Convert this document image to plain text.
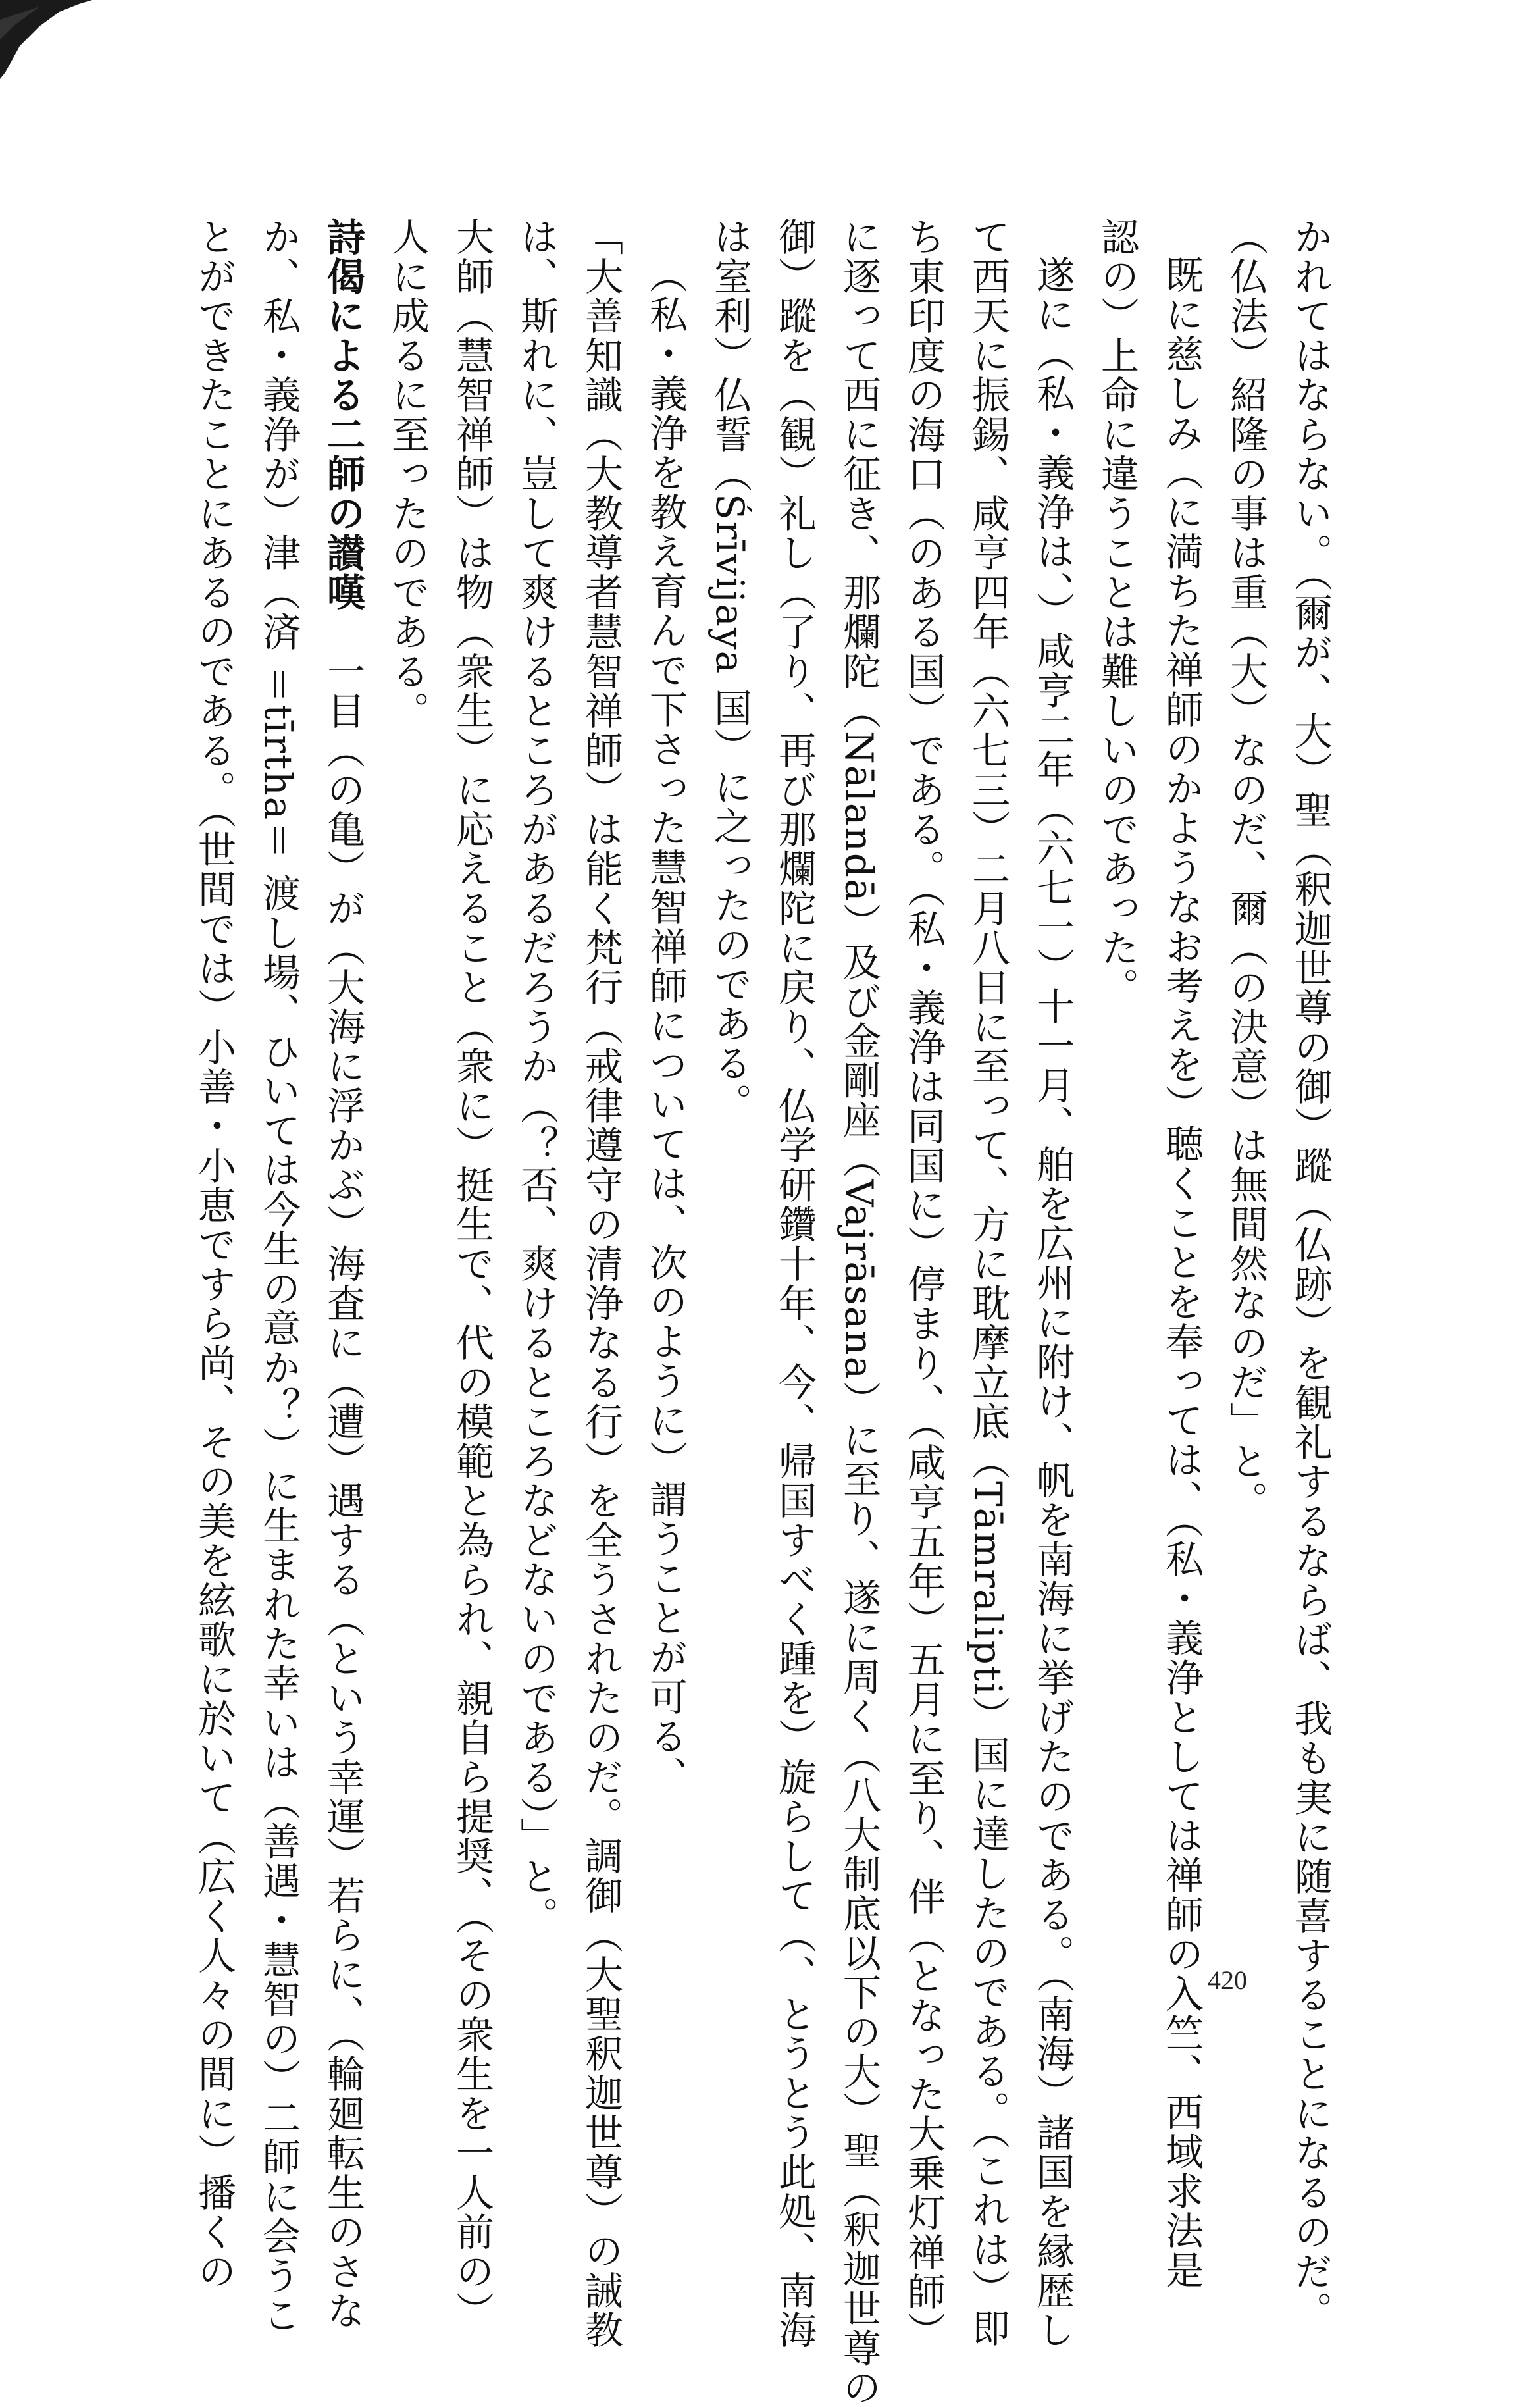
かれてはならない。（爾が、大）聖（釈迦世尊の御）蹤（仏跡）を観礼するならば、我も実に随喜することになるのだ。
（仏法）紹隆の事は重（大）なのだ、爾（の決意）は無間然なのだ」と。
既に慈しみ（に満ちた禅師のかようなお考えを）聴くことを奉っては、（私・義浄としては禅師の入竺、西域求法是
認の）上命に違うことは難しいのであった。
遂に（私・義浄は、）咸亨二年（六七一）十一月、舶を広州に附け、帆を南海に挙げたのである。（南海）諸国を縁歴し
て西天に振錫、咸亨四年（六七三）二月八日に至って、方に耽摩立底（Tāmralipti）国に達したのである。（これは）即
ち東印度の海口（のある国）である。（私・義浄は同国に）停まり、（咸亨五年）五月に至り、伴（となった大乗灯禅師）
に逐って西に征き、那爛陀（Nālandā）及び金剛座（Vajrāsana）に至り、遂に周く（八大制底以下の大）聖（釈迦世尊の
御）蹤を（観）礼し（了り、再び那爛陀に戻り、仏学研鑽十年、今、帰国すべく踵を）旋らして（、とうとう此処、南海
は室利）仏誓（Śrīvijaya 国）に之ったのである。
（私・義浄を教え育んで下さった慧智禅師については、次のように）謂うことが可る、
「大善知識（大教導者慧智禅師）は能く梵行（戒律遵守の清浄なる行）を全うされたのだ。調御（大聖釈迦世尊）の誡教
は、斯れに、豈して爽けるところがあるだろうか（？否、爽けるところなどないのである）」と。
大師（慧智禅師）は物（衆生）に応えること（衆に）挺生で、代の模範と為られ、親自ら提奨、（その衆生を一人前の）
人に成るに至ったのである。
詩偈による二師の讃嘆　一目（の亀）が（大海に浮かぶ）海査に（遭）遇する（という幸運）若らに、（輪廻転生のさな
か、私・義浄が）津（済 ＝tīrtha＝ 渡し場、ひいては今生の意か？）に生まれた幸いは（善遇・慧智の）二師に会うこ
とができたことにあるのである。（世間では）小善・小恵ですら尚、その美を絃歌に於いて（広く人々の間に）播くの	420
